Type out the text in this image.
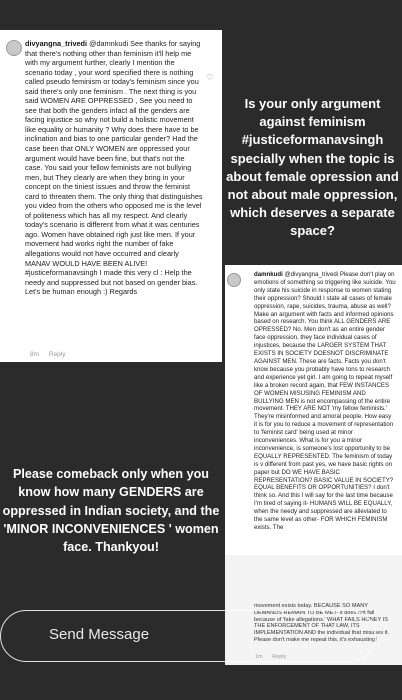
♡
divyangna_trivedi @damnkudi See thanks for saying that there's nothing other than feminism it'll help me with my argument further, clearly I mention the scenario today , your word specified there is nothing called pseudo feminism or today's feminism since you said there's only one feminism . The next thing is you said WOMEN ARE OPPRESSED , See you need to see that both the genders infact all the genders are facing injustice so why not build a holistic movement like equality or humanity ? Why does there have to be inclination and bias to one particular gender? Had the case been that ONLY WOMEN are oppressed your argument would have been fine, but that's not the case. You said your fellow feminists are not bullying men, but They clearly are when they bring in your concept on the tiniest issues and throw the feminist card to threaten them. The only thing that distinguishes you video from the others who opposed me is the level of politeness which has all my respect. And clearly today's scenario is different from what it was centuries ago. Women have obtained righ just like men. If your movement had works right the number of fake allegations would not have occurred and clearly MANAV WOULD HAVE BEEN ALIVE!
#justiceformanavsingh I made this very cl : Help the needy and suppressed but not based on gender bias. Let's be human enough :) Regards
8m Reply
Please comeback only when you know how many GENDERS are oppressed in Indian society, and the 'MINOR INCONVENIENCES ' women face. Thankyou!
Is your only argument against feminism #justiceformanavsingh specially when the topic is about female opression and not about male oppression, which deserves a separate space?
damnkudi @divyangna_trivedi Please don't play on emotions of something so triggering like suicide. You only state his suicide in response to women stating their oppression? Should I state all cases of female oppression, rape, suicides, trauma, abuse as well? Make an argument with facts and informed opinions based on research. You think ALL GENDERS ARE OPRESSED? No. Men don't as an entire gender face oppression, they face individual cases of injustices, because the LARGER SYSTEM THAT EXISTS IN SOCIETY DOESNOT DISCRIMINATE AGAINST MEN. These are facts. Facts you don't know because you probably have tons to research and experience yet girl. I am going to repeat myself like a broken record again, that FEW INSTANCES OF WOMEN MISUSING FEMINISM AND BULLYING MEN is not encompassing of the entire movement. THEY ARE NOT 'my fellow feminists.' They're misinformed and amoral people. How easy it is for you to reduce a movement of representation to 'feminist card' being used at minor inconveniences. What is for you a minor inconvenience, is someone's lost opportunity to be EQUALLY REPRESENTED. The feminism of today is v different from past yes, we have basic rights on paper but DO WE HAVE BASIC REPRESENTATION? BASIC VALUE IN SOCIETY? EQUAL BENEFITS OR OPPORTUNITIES? I don't think so. And this I will say for the last time because I'm tired of saying it- HUMANS WILL BE EQUALLY, when the needy and suppressed are alleviated to the same level as other- FOR WHICH FEMINISM exists. The
movement exists today. BECAUSE SO MANY DEMANDS REMAIN TO BE MET- it does not fail because of 'fake allegations.' WHAT FAILS HONEY IS THE ENFORCEMENT OF THAT LAW, ITS IMPLEMENTATION AND the individual that misuses it. Please don't make me repeat this, it's exhausting!
1m Reply
Send Message
